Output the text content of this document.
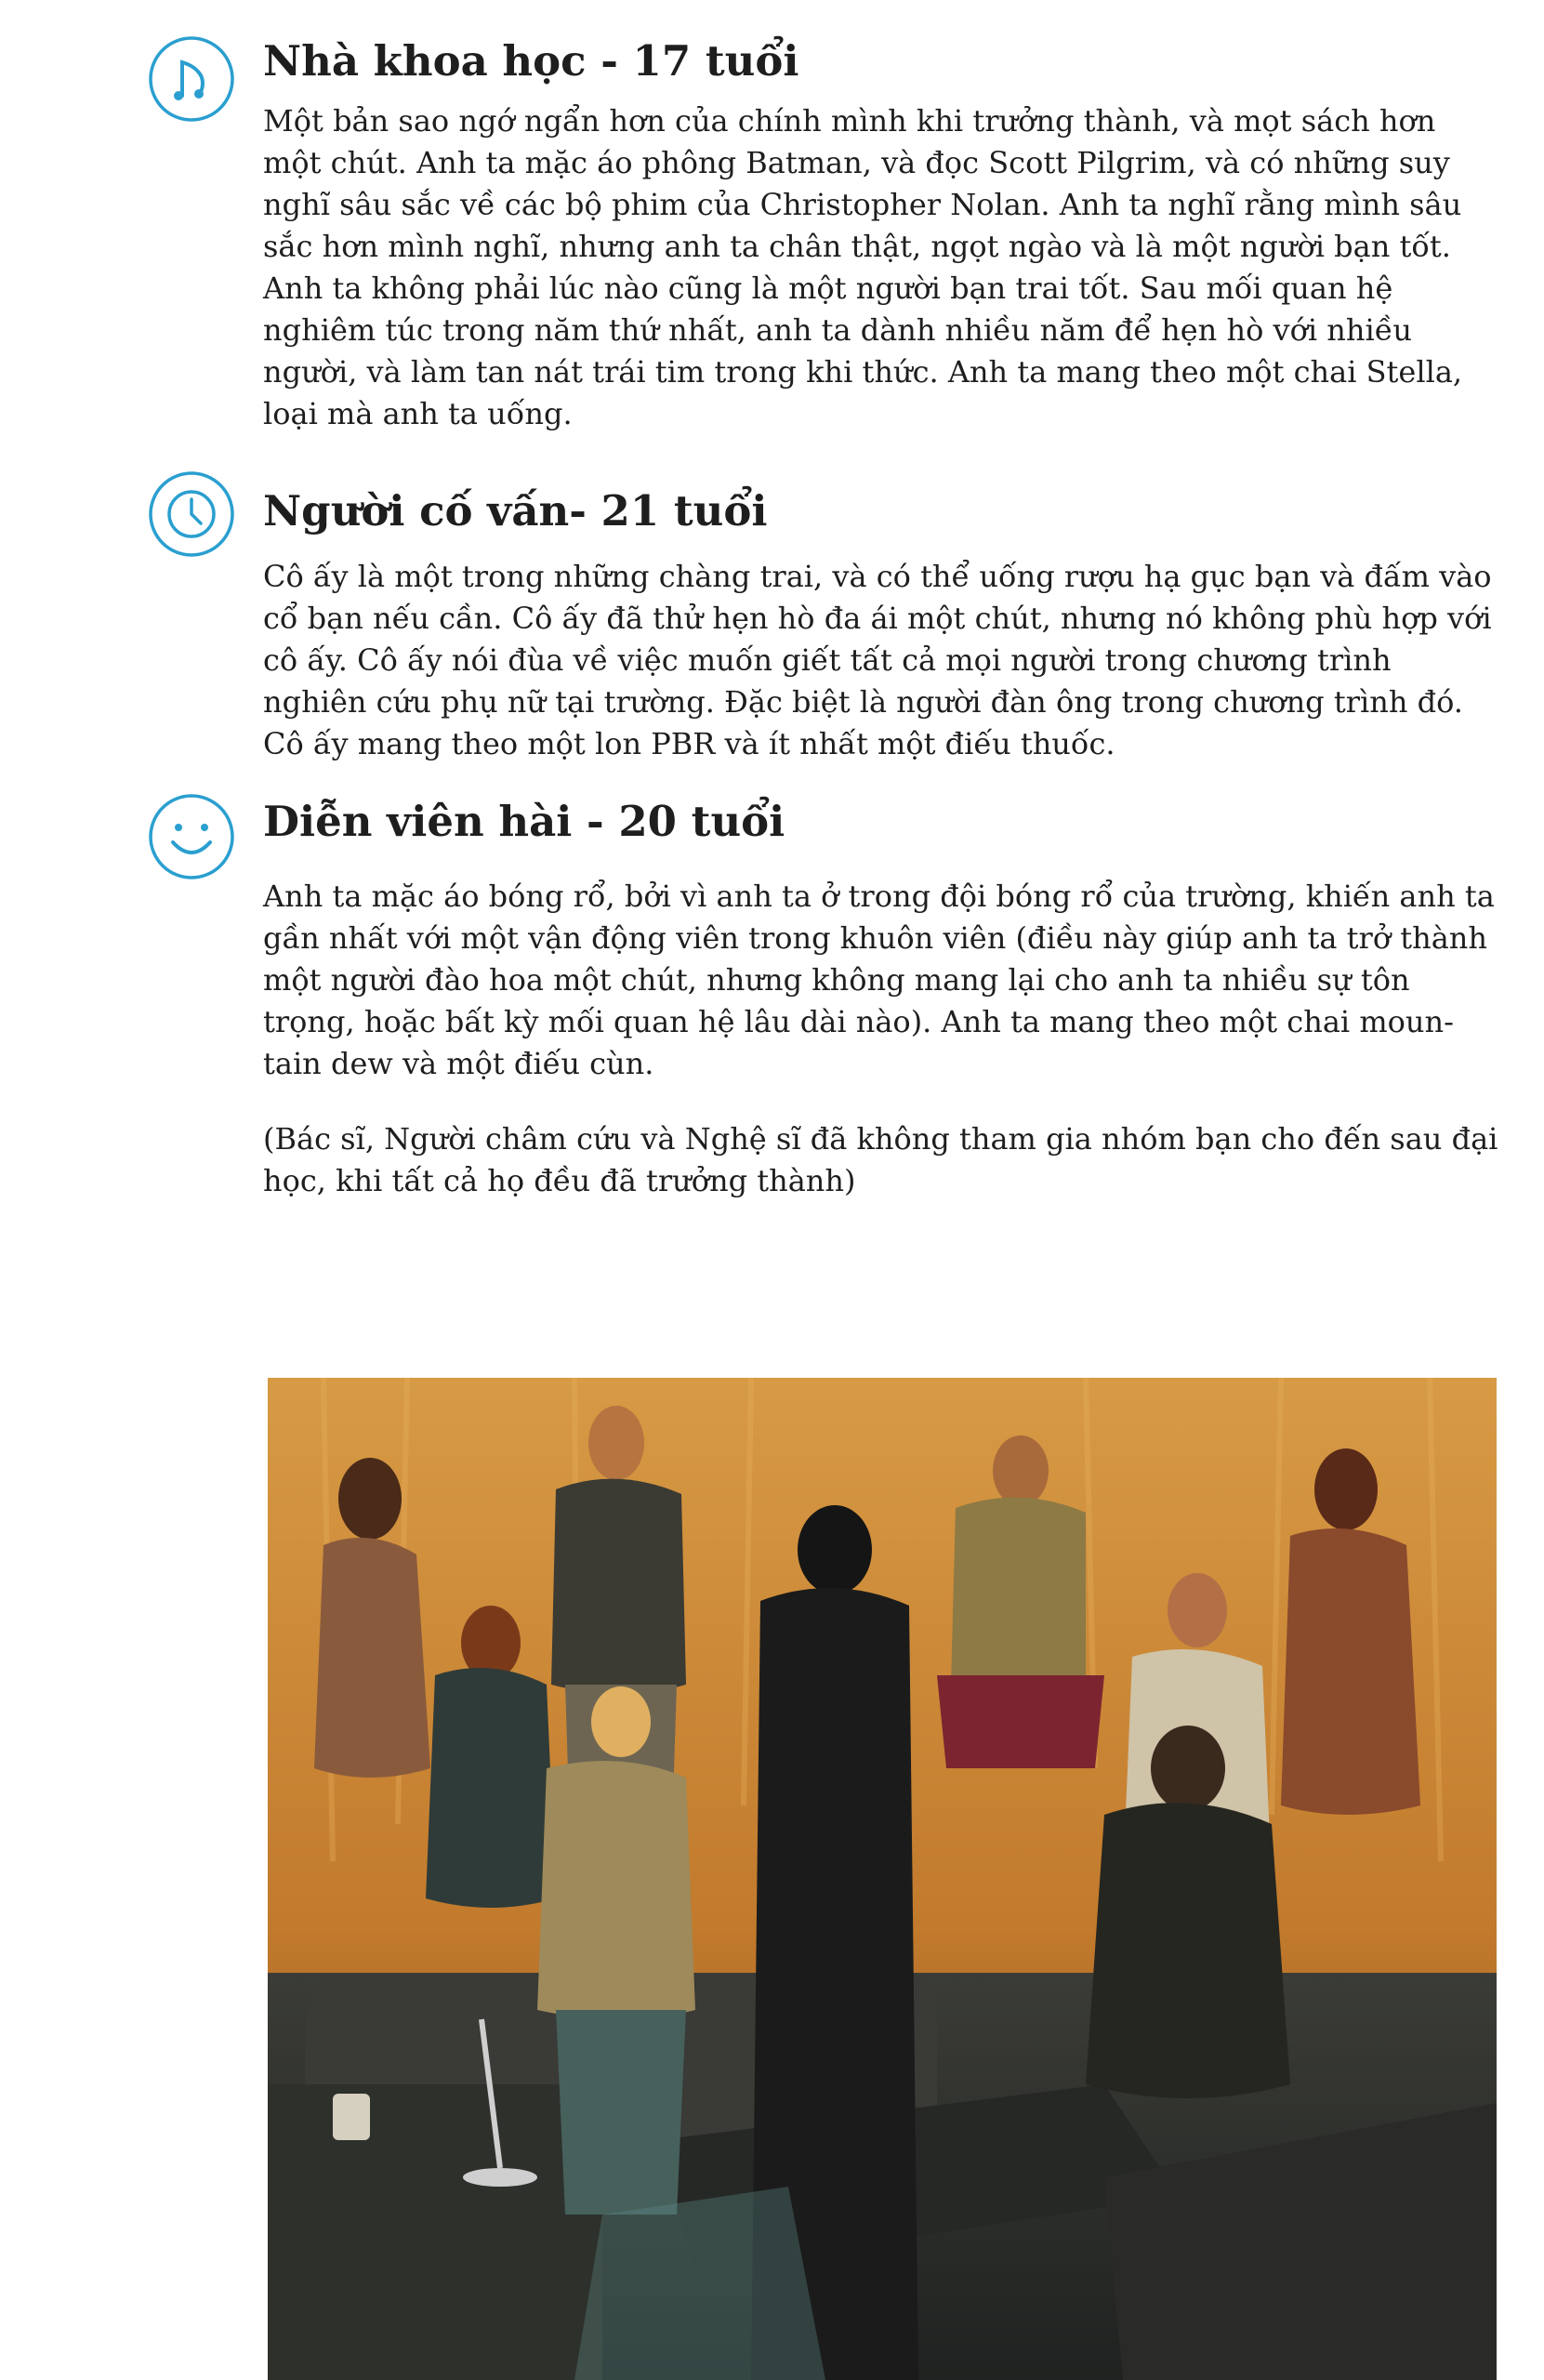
Nhà khoa học - 17 tuổi
Một bản sao ngớ ngẩn hơn của chính mình khi trưởng thành, và mọt sách hơn
một chút. Anh ta mặc áo phông Batman, và đọc Scott Pilgrim, và có những suy
nghĩ sâu sắc về các bộ phim của Christopher Nolan. Anh ta nghĩ rằng mình sâu
sắc hơn mình nghĩ, nhưng anh ta chân thật, ngọt ngào và là một người bạn tốt.
Anh ta không phải lúc nào cũng là một người bạn trai tốt. Sau mối quan hệ
nghiêm túc trong năm thứ nhất, anh ta dành nhiều năm để hẹn hò với nhiều
người, và làm tan nát trái tim trong khi thức. Anh ta mang theo một chai Stella,
loại mà anh ta uống.
Người cố vấn- 21 tuổi
Cô ấy là một trong những chàng trai, và có thể uống rượu hạ gục bạn và đấm vào
cổ bạn nếu cần. Cô ấy đã thử hẹn hò đa ái một chút, nhưng nó không phù hợp với
cô ấy. Cô ấy nói đùa về việc muốn giết tất cả mọi người trong chương trình
nghiên cứu phụ nữ tại trường. Đặc biệt là người đàn ông trong chương trình đó.
Cô ấy mang theo một lon PBR và ít nhất một điếu thuốc.
Diễn viên hài - 20 tuổi
Anh ta mặc áo bóng rổ, bởi vì anh ta ở trong đội bóng rổ của trường, khiến anh ta
gần nhất với một vận động viên trong khuôn viên (điều này giúp anh ta trở thành
một người đào hoa một chút, nhưng không mang lại cho anh ta nhiều sự tôn
trọng, hoặc bất kỳ mối quan hệ lâu dài nào). Anh ta mang theo một chai moun-
tain dew và một điếu cùn.
(Bác sĩ, Người châm cứu và Nghệ sĩ đã không tham gia nhóm bạn cho đến sau đại
học, khi tất cả họ đều đã trưởng thành)
